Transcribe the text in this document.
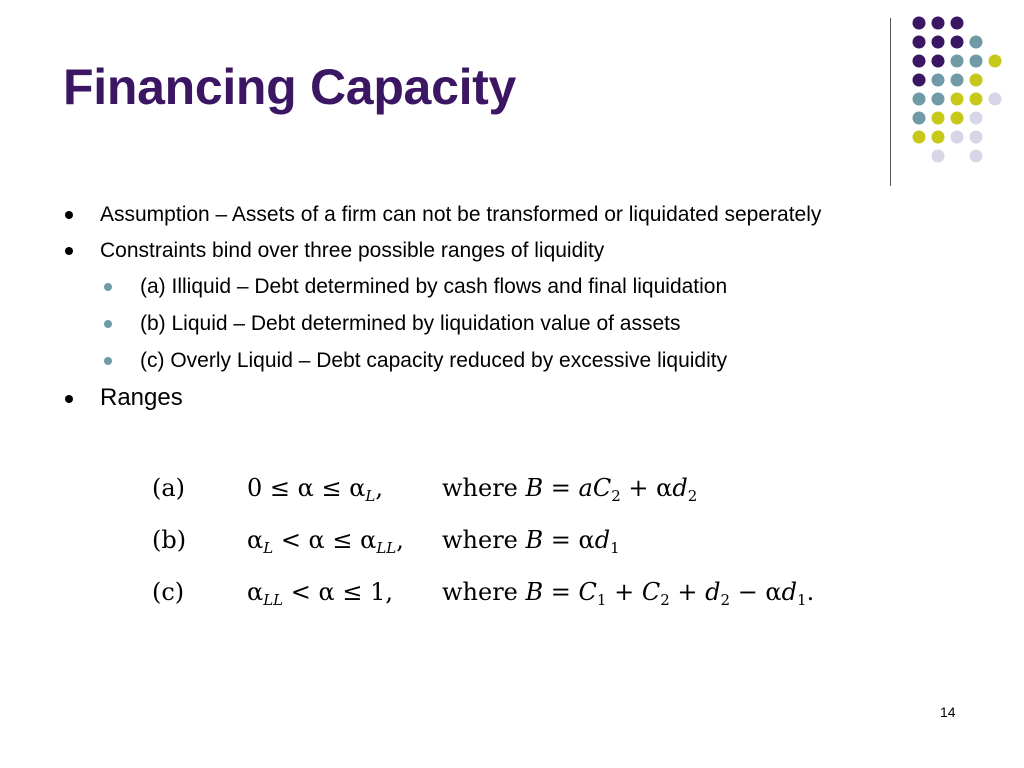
Financing Capacity
Assumption – Assets of a firm can not be transformed or liquidated seperately
Constraints bind over three possible ranges of liquidity
(a) Illiquid – Debt determined by cash flows and final liquidation
(b) Liquid – Debt determined by liquidation value of assets
(c) Overly Liquid – Debt capacity reduced by excessive liquidity
Ranges
(a)	$0 \le \alpha \le \alpha_L$, where $B = aC_2 + \alpha d_2$
(b)	$\alpha_L < \alpha \le \alpha_{LL}$, where $B = \alpha d_1$
(c)	$\alpha_{LL} < \alpha \le 1$, where $B = C_1 + C_2 + d_2 - \alpha d_1$.
14
